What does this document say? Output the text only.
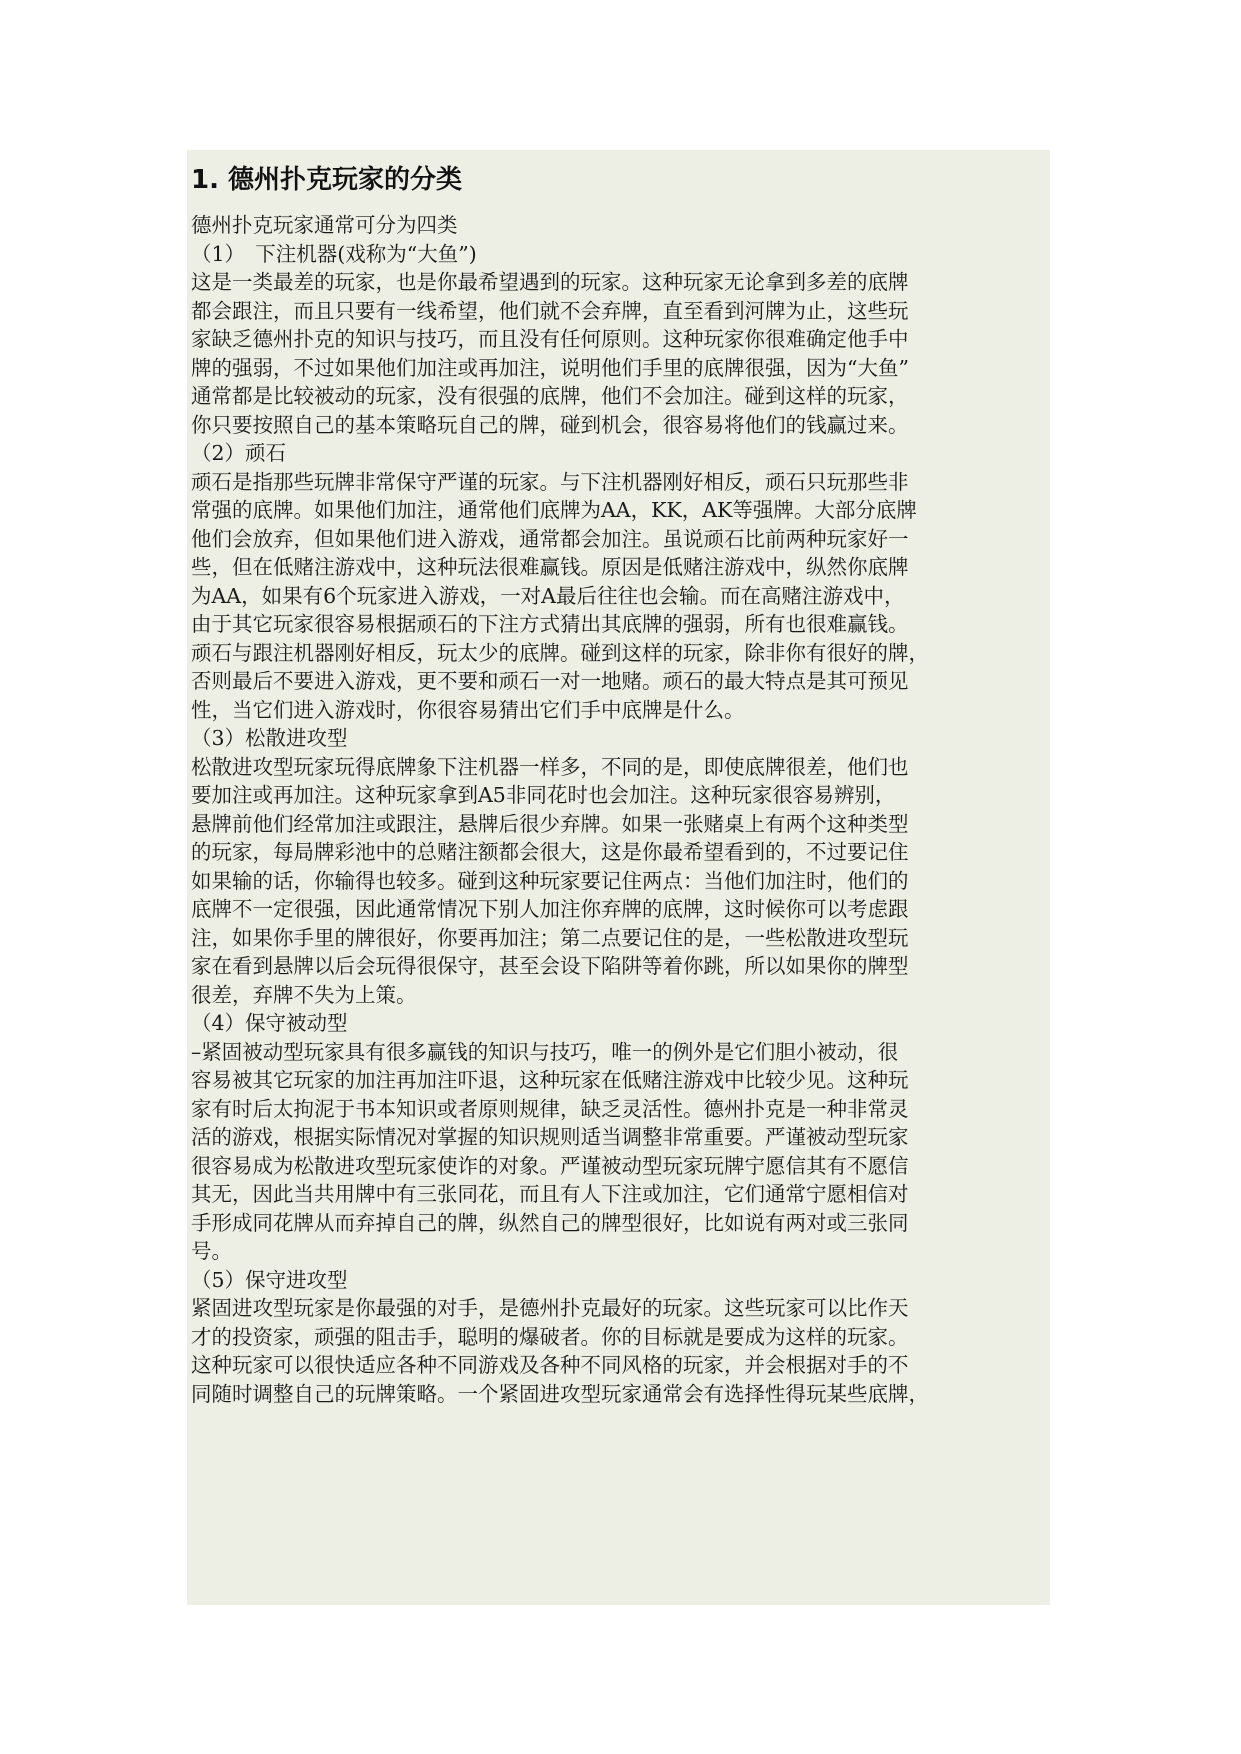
1. 德州扑克玩家的分类
德州扑克玩家通常可分为四类
（1）　下注机器(戏称为“大鱼”)
这是一类最差的玩家，也是你最希望遇到的玩家。这种玩家无论拿到多差的底牌
都会跟注，而且只要有一线希望，他们就不会弃牌，直至看到河牌为止，这些玩
家缺乏德州扑克的知识与技巧，而且没有任何原则。这种玩家你很难确定他手中
牌的强弱，不过如果他们加注或再加注，说明他们手里的底牌很强，因为“大鱼”
通常都是比较被动的玩家，没有很强的底牌，他们不会加注。碰到这样的玩家，
你只要按照自己的基本策略玩自己的牌，碰到机会，很容易将他们的钱赢过来。
（2）顽石
顽石是指那些玩牌非常保守严谨的玩家。与下注机器刚好相反，顽石只玩那些非
常强的底牌。如果他们加注，通常他们底牌为AA，KK，AK等强牌。大部分底牌
他们会放弃，但如果他们进入游戏，通常都会加注。虽说顽石比前两种玩家好一
些，但在低赌注游戏中，这种玩法很难赢钱。原因是低赌注游戏中，纵然你底牌
为AA，如果有6个玩家进入游戏，一对A最后往往也会输。而在高赌注游戏中，
由于其它玩家很容易根据顽石的下注方式猜出其底牌的强弱，所有也很难赢钱。
顽石与跟注机器刚好相反，玩太少的底牌。碰到这样的玩家，除非你有很好的牌，
否则最后不要进入游戏，更不要和顽石一对一地赌。顽石的最大特点是其可预见
性，当它们进入游戏时，你很容易猜出它们手中底牌是什么。
（3）松散进攻型
松散进攻型玩家玩得底牌象下注机器一样多，不同的是，即使底牌很差，他们也
要加注或再加注。这种玩家拿到A5非同花时也会加注。这种玩家很容易辨别，
悬牌前他们经常加注或跟注，悬牌后很少弃牌。如果一张赌桌上有两个这种类型
的玩家，每局牌彩池中的总赌注额都会很大，这是你最希望看到的，不过要记住
如果输的话，你输得也较多。碰到这种玩家要记住两点：当他们加注时，他们的
底牌不一定很强，因此通常情况下别人加注你弃牌的底牌，这时候你可以考虑跟
注，如果你手里的牌很好，你要再加注；第二点要记住的是，一些松散进攻型玩
家在看到悬牌以后会玩得很保守，甚至会设下陷阱等着你跳，所以如果你的牌型
很差，弃牌不失为上策。
（4）保守被动型
–紧固被动型玩家具有很多赢钱的知识与技巧，唯一的例外是它们胆小被动，很
容易被其它玩家的加注再加注吓退，这种玩家在低赌注游戏中比较少见。这种玩
家有时后太拘泥于书本知识或者原则规律，缺乏灵活性。德州扑克是一种非常灵
活的游戏，根据实际情况对掌握的知识规则适当调整非常重要。严谨被动型玩家
很容易成为松散进攻型玩家使诈的对象。严谨被动型玩家玩牌宁愿信其有不愿信
其无，因此当共用牌中有三张同花，而且有人下注或加注，它们通常宁愿相信对
手形成同花牌从而弃掉自己的牌，纵然自己的牌型很好，比如说有两对或三张同
号。
（5）保守进攻型
紧固进攻型玩家是你最强的对手，是德州扑克最好的玩家。这些玩家可以比作天
才的投资家，顽强的阻击手，聪明的爆破者。你的目标就是要成为这样的玩家。
这种玩家可以很快适应各种不同游戏及各种不同风格的玩家，并会根据对手的不
同随时调整自己的玩牌策略。一个紧固进攻型玩家通常会有选择性得玩某些底牌，
